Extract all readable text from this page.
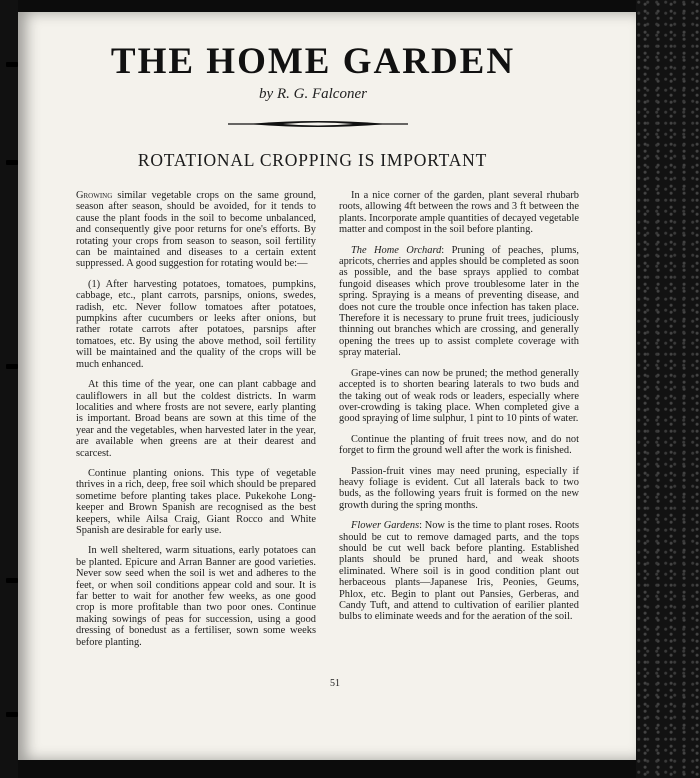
THE HOME GARDEN
by R. G. Falconer
ROTATIONAL CROPPING IS IMPORTANT

Growing similar vegetable crops on the same ground, season after season, should be avoided, for it tends to cause the plant foods in the soil to become unbalanced, and consequently give poor returns for one's efforts. By rotating your crops from season to season, soil fertility can be maintained and diseases to a certain extent suppressed. A good suggestion for rotating would be:—

(1) After harvesting potatoes, tomatoes, pumpkins, cabbage, etc., plant carrots, parsnips, onions, swedes, radish, etc. Never follow tomatoes after potatoes, pumpkins after cucumbers or leeks after onions, but rather rotate carrots after potatoes, parsnips after tomatoes, etc. By using the above method, soil fertility will be maintained and the quality of the crops will be much enhanced.

At this time of the year, one can plant cabbage and cauliflowers in all but the coldest districts. In warm localities and where frosts are not severe, early planting is important. Broad beans are sown at this time of the year and the vegetables, when harvested later in the year, are available when greens are at their dearest and scarcest.

Continue planting onions. This type of vegetable thrives in a rich, deep, free soil which should be prepared sometime before planting takes place. Pukekohe Long-keeper and Brown Spanish are recognised as the best keepers, while Ailsa Craig, Giant Rocco and White Spanish are desirable for early use.

In well sheltered, warm situations, early potatoes can be planted. Epicure and Arran Banner are good varieties. Never sow seed when the soil is wet and adheres to the feet, or when soil conditions appear cold and sour. It is far better to wait for another few weeks, as one good crop is more profitable than two poor ones. Continue making sowings of peas for succession, using a good dressing of bonedust as a fertiliser, sown some weeks before planting.

In a nice corner of the garden, plant several rhubarb roots, allowing 4ft between the rows and 3 ft between the plants. Incorporate ample quantities of decayed vegetable matter and compost in the soil before planting.

The Home Orchard: Pruning of peaches, plums, apricots, cherries and apples should be completed as soon as possible, and the base sprays applied to combat fungoid diseases which prove troublesome later in the spring. Spraying is a means of preventing disease, and does not cure the trouble once infection has taken place. Therefore it is necessary to prune fruit trees, judiciously thinning out branches which are crossing, and generally opening the trees up to assist complete coverage with spray material.

Grape-vines can now be pruned; the method generally accepted is to shorten bearing laterals to two buds and the taking out of weak rods or leaders, especially where over-crowding is taking place. When completed give a good spraying of lime sulphur, 1 pint to 10 pints of water.

Continue the planting of fruit trees now, and do not forget to firm the ground well after the work is finished.

Passion-fruit vines may need pruning, especially if heavy foliage is evident. Cut all laterals back to two buds, as the following years fruit is formed on the new growth during the spring months.

Flower Gardens: Now is the time to plant roses. Roots should be cut to remove damaged parts, and the tops should be cut well back before planting. Established plants should be pruned hard, and weak shoots eliminated. Where soil is in good condition plant out herbaceous plants—Japanese Iris, Peonies, Geums, Phlox, etc. Begin to plant out Pansies, Gerberas, and Candy Tuft, and attend to cultivation of earilier planted bulbs to eliminate weeds and for the aeration of the soil.

51
